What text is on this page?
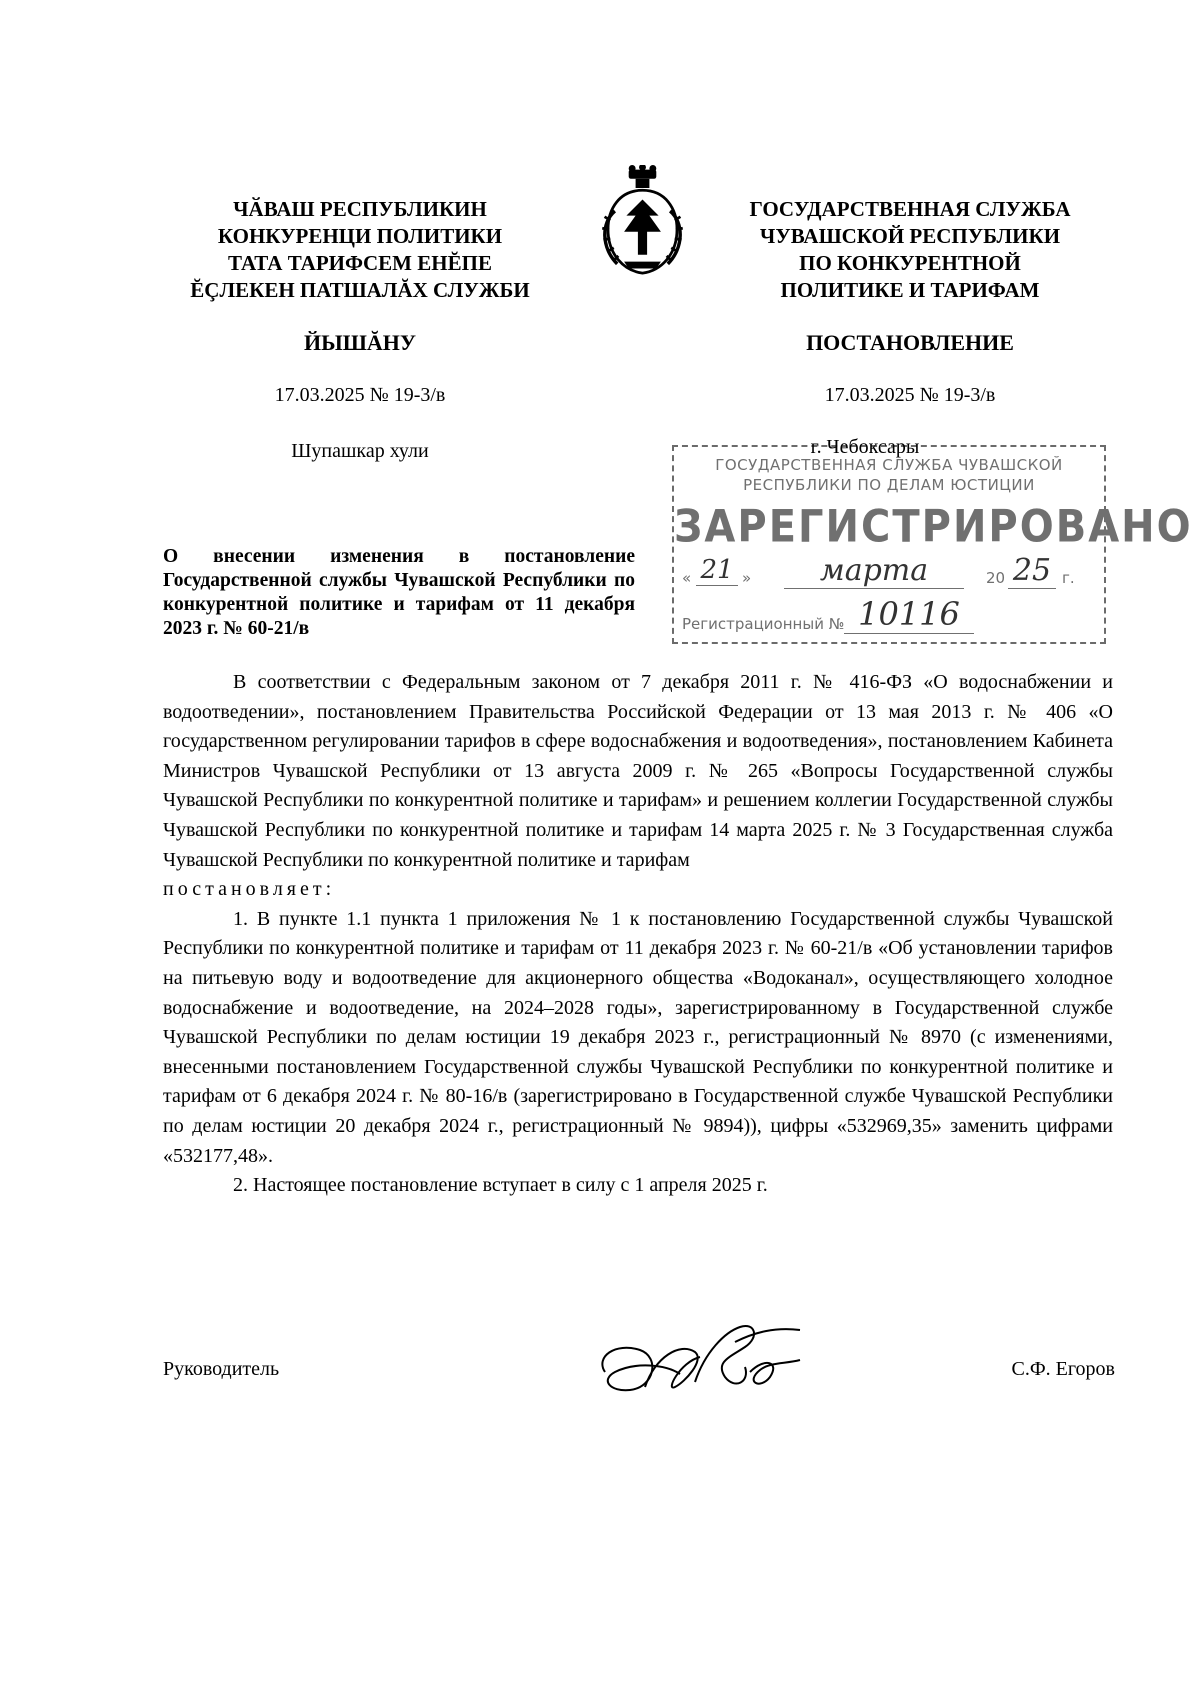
ЧӐВАШ РЕСПУБЛИКИН
КОНКУРЕНЦИ ПОЛИТИКИ
ТАТА ТАРИФСЕМ ЕНĔПЕ
ĔÇЛЕКЕН ПАТШАЛĂХ СЛУЖБИ
ГОСУДАРСТВЕННАЯ СЛУЖБА
ЧУВАШСКОЙ РЕСПУБЛИКИ
ПО КОНКУРЕНТНОЙ
ПОЛИТИКЕ И ТАРИФАМ
ЙЫШĂНУ	ПОСТАНОВЛЕНИЕ
17.03.2025 № 19-3/в	17.03.2025 № 19-3/в
Шупашкар хули
ГОСУДАРСТВЕННАЯ СЛУЖБА ЧУВАШСКОЙ
РЕСПУБЛИКИ ПО ДЕЛАМ ЮСТИЦИИ
ЗАРЕГИСТРИРОВАНО
« 21 »	марта	20 25 г.
Регистрационный № 10116
г. Чебоксары

О внесении изменения в постановление Государственной службы Чувашской Республики по конкурентной политике и тарифам от 11 декабря 2023 г. № 60-21/в

В соответствии с Федеральным законом от 7 декабря 2011 г. № 416-ФЗ «О водоснабжении и водоотведении», постановлением Правительства Российской Федерации от 13 мая 2013 г. № 406 «О государственном регулировании тарифов в сфере водоснабжения и водоотведения», постановлением Кабинета Министров Чувашской Республики от 13 августа 2009 г. № 265 «Вопросы Государственной службы Чувашской Республики по конкурентной политике и тарифам» и решением коллегии Государственной службы Чувашской Республики по конкурентной политике и тарифам 14 марта 2025 г. № 3 Государственная служба Чувашской Республики по конкурентной политике и тарифам

постановляет:

1. В пункте 1.1 пункта 1 приложения № 1 к постановлению Государственной службы Чувашской Республики по конкурентной политике и тарифам от 11 декабря 2023 г. № 60-21/в «Об установлении тарифов на питьевую воду и водоотведение для акционерного общества «Водоканал», осуществляющего холодное водоснабжение и водоотведение, на 2024–2028 годы», зарегистрированному в Государственной службе Чувашской Республики по делам юстиции 19 декабря 2023 г., регистрационный № 8970 (с изменениями, внесенными постановлением Государственной службы Чувашской Республики по конкурентной политике и тарифам от 6 декабря 2024 г. № 80-16/в (зарегистрировано в Государственной службе Чувашской Республики по делам юстиции 20 декабря 2024 г., регистрационный № 9894)), цифры «532969,35» заменить цифрами «532177,48».

2. Настоящее постановление вступает в силу с 1 апреля 2025 г.

Руководитель	С.Ф. Егоров
